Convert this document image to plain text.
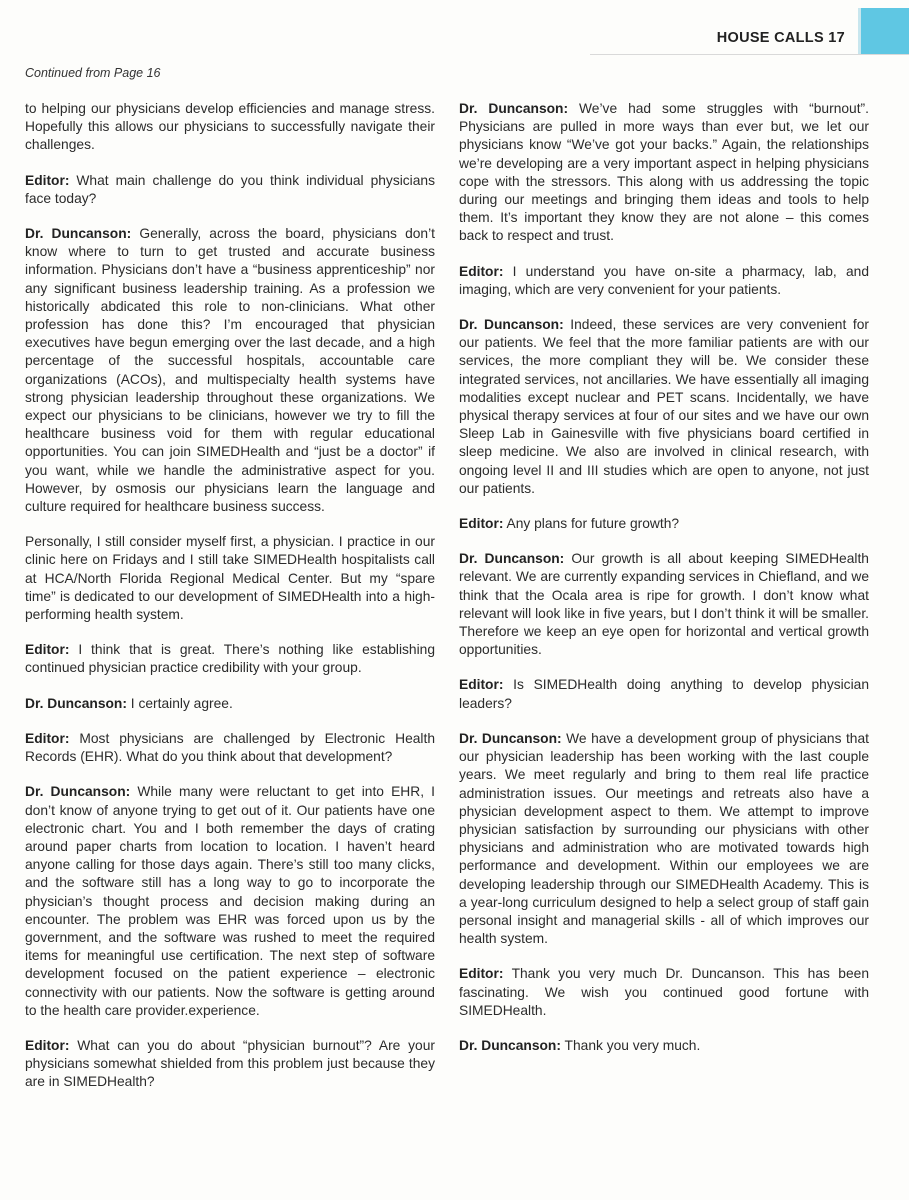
HOUSE CALLS 17
Continued from Page 16

to helping our physicians develop efficiencies and manage stress. Hopefully this allows our physicians to successfully navigate their challenges.

Editor: What main challenge do you think individual physicians face today?

Dr. Duncanson: Generally, across the board, physicians don’t know where to turn to get trusted and accurate business information. Physicians don’t have a “business apprenticeship” nor any significant business leadership training. As a profession we historically abdicated this role to non-clinicians. What other profession has done this? I’m encouraged that physician executives have begun emerging over the last decade, and a high percentage of the successful hospitals, accountable care organizations (ACOs), and multispecialty health systems have strong physician leadership throughout these organizations. We expect our physicians to be clinicians, however we try to fill the healthcare business void for them with regular educational opportunities. You can join SIMEDHealth and “just be a doctor” if you want, while we handle the administrative aspect for you. However, by osmosis our physicians learn the language and culture required for healthcare business success.

Personally, I still consider myself first, a physician. I practice in our clinic here on Fridays and I still take SIMEDHealth hospitalists call at HCA/North Florida Regional Medical Center. But my “spare time” is dedicated to our development of SIMEDHealth into a high-performing health system.

Editor: I think that is great. There’s nothing like establishing continued physician practice credibility with your group.

Dr. Duncanson: I certainly agree.

Editor: Most physicians are challenged by Electronic Health Records (EHR). What do you think about that development?

Dr. Duncanson: While many were reluctant to get into EHR, I don’t know of anyone trying to get out of it. Our patients have one electronic chart. You and I both remember the days of crating around paper charts from location to location. I haven’t heard anyone calling for those days again. There’s still too many clicks, and the software still has a long way to go to incorporate the physician’s thought process and decision making during an encounter. The problem was EHR was forced upon us by the government, and the software was rushed to meet the required items for meaningful use certification. The next step of software development focused on the patient experience – electronic connectivity with our patients. Now the software is getting around to the health care provider.experience.

Editor: What can you do about “physician burnout”? Are your physicians somewhat shielded from this problem just because they are in SIMEDHealth?

Dr. Duncanson: We’ve had some struggles with “burnout”. Physicians are pulled in more ways than ever but, we let our physicians know “We’ve got your backs.” Again, the relationships we’re developing are a very important aspect in helping physicians cope with the stressors. This along with us addressing the topic during our meetings and bringing them ideas and tools to help them. It’s important they know they are not alone – this comes back to respect and trust.

Editor: I understand you have on-site a pharmacy, lab, and imaging, which are very convenient for your patients.

Dr. Duncanson: Indeed, these services are very convenient for our patients. We feel that the more familiar patients are with our services, the more compliant they will be. We consider these integrated services, not ancillaries. We have essentially all imaging modalities except nuclear and PET scans. Incidentally, we have physical therapy services at four of our sites and we have our own Sleep Lab in Gainesville with five physicians board certified in sleep medicine. We also are involved in clinical research, with ongoing level II and III studies which are open to anyone, not just our patients.

Editor: Any plans for future growth?

Dr. Duncanson: Our growth is all about keeping SIMEDHealth relevant. We are currently expanding services in Chiefland, and we think that the Ocala area is ripe for growth. I don’t know what relevant will look like in five years, but I don’t think it will be smaller. Therefore we keep an eye open for horizontal and vertical growth opportunities.

Editor: Is SIMEDHealth doing anything to develop physician leaders?

Dr. Duncanson: We have a development group of physicians that our physician leadership has been working with the last couple years. We meet regularly and bring to them real life practice administration issues. Our meetings and retreats also have a physician development aspect to them. We attempt to improve physician satisfaction by surrounding our physicians with other physicians and administration who are motivated towards high performance and development. Within our employees we are developing leadership through our SIMEDHealth Academy. This is a year-long curriculum designed to help a select group of staff gain personal insight and managerial skills - all of which improves our health system.

Editor: Thank you very much Dr. Duncanson. This has been fascinating. We wish you continued good fortune with SIMEDHealth.

Dr. Duncanson: Thank you very much.
